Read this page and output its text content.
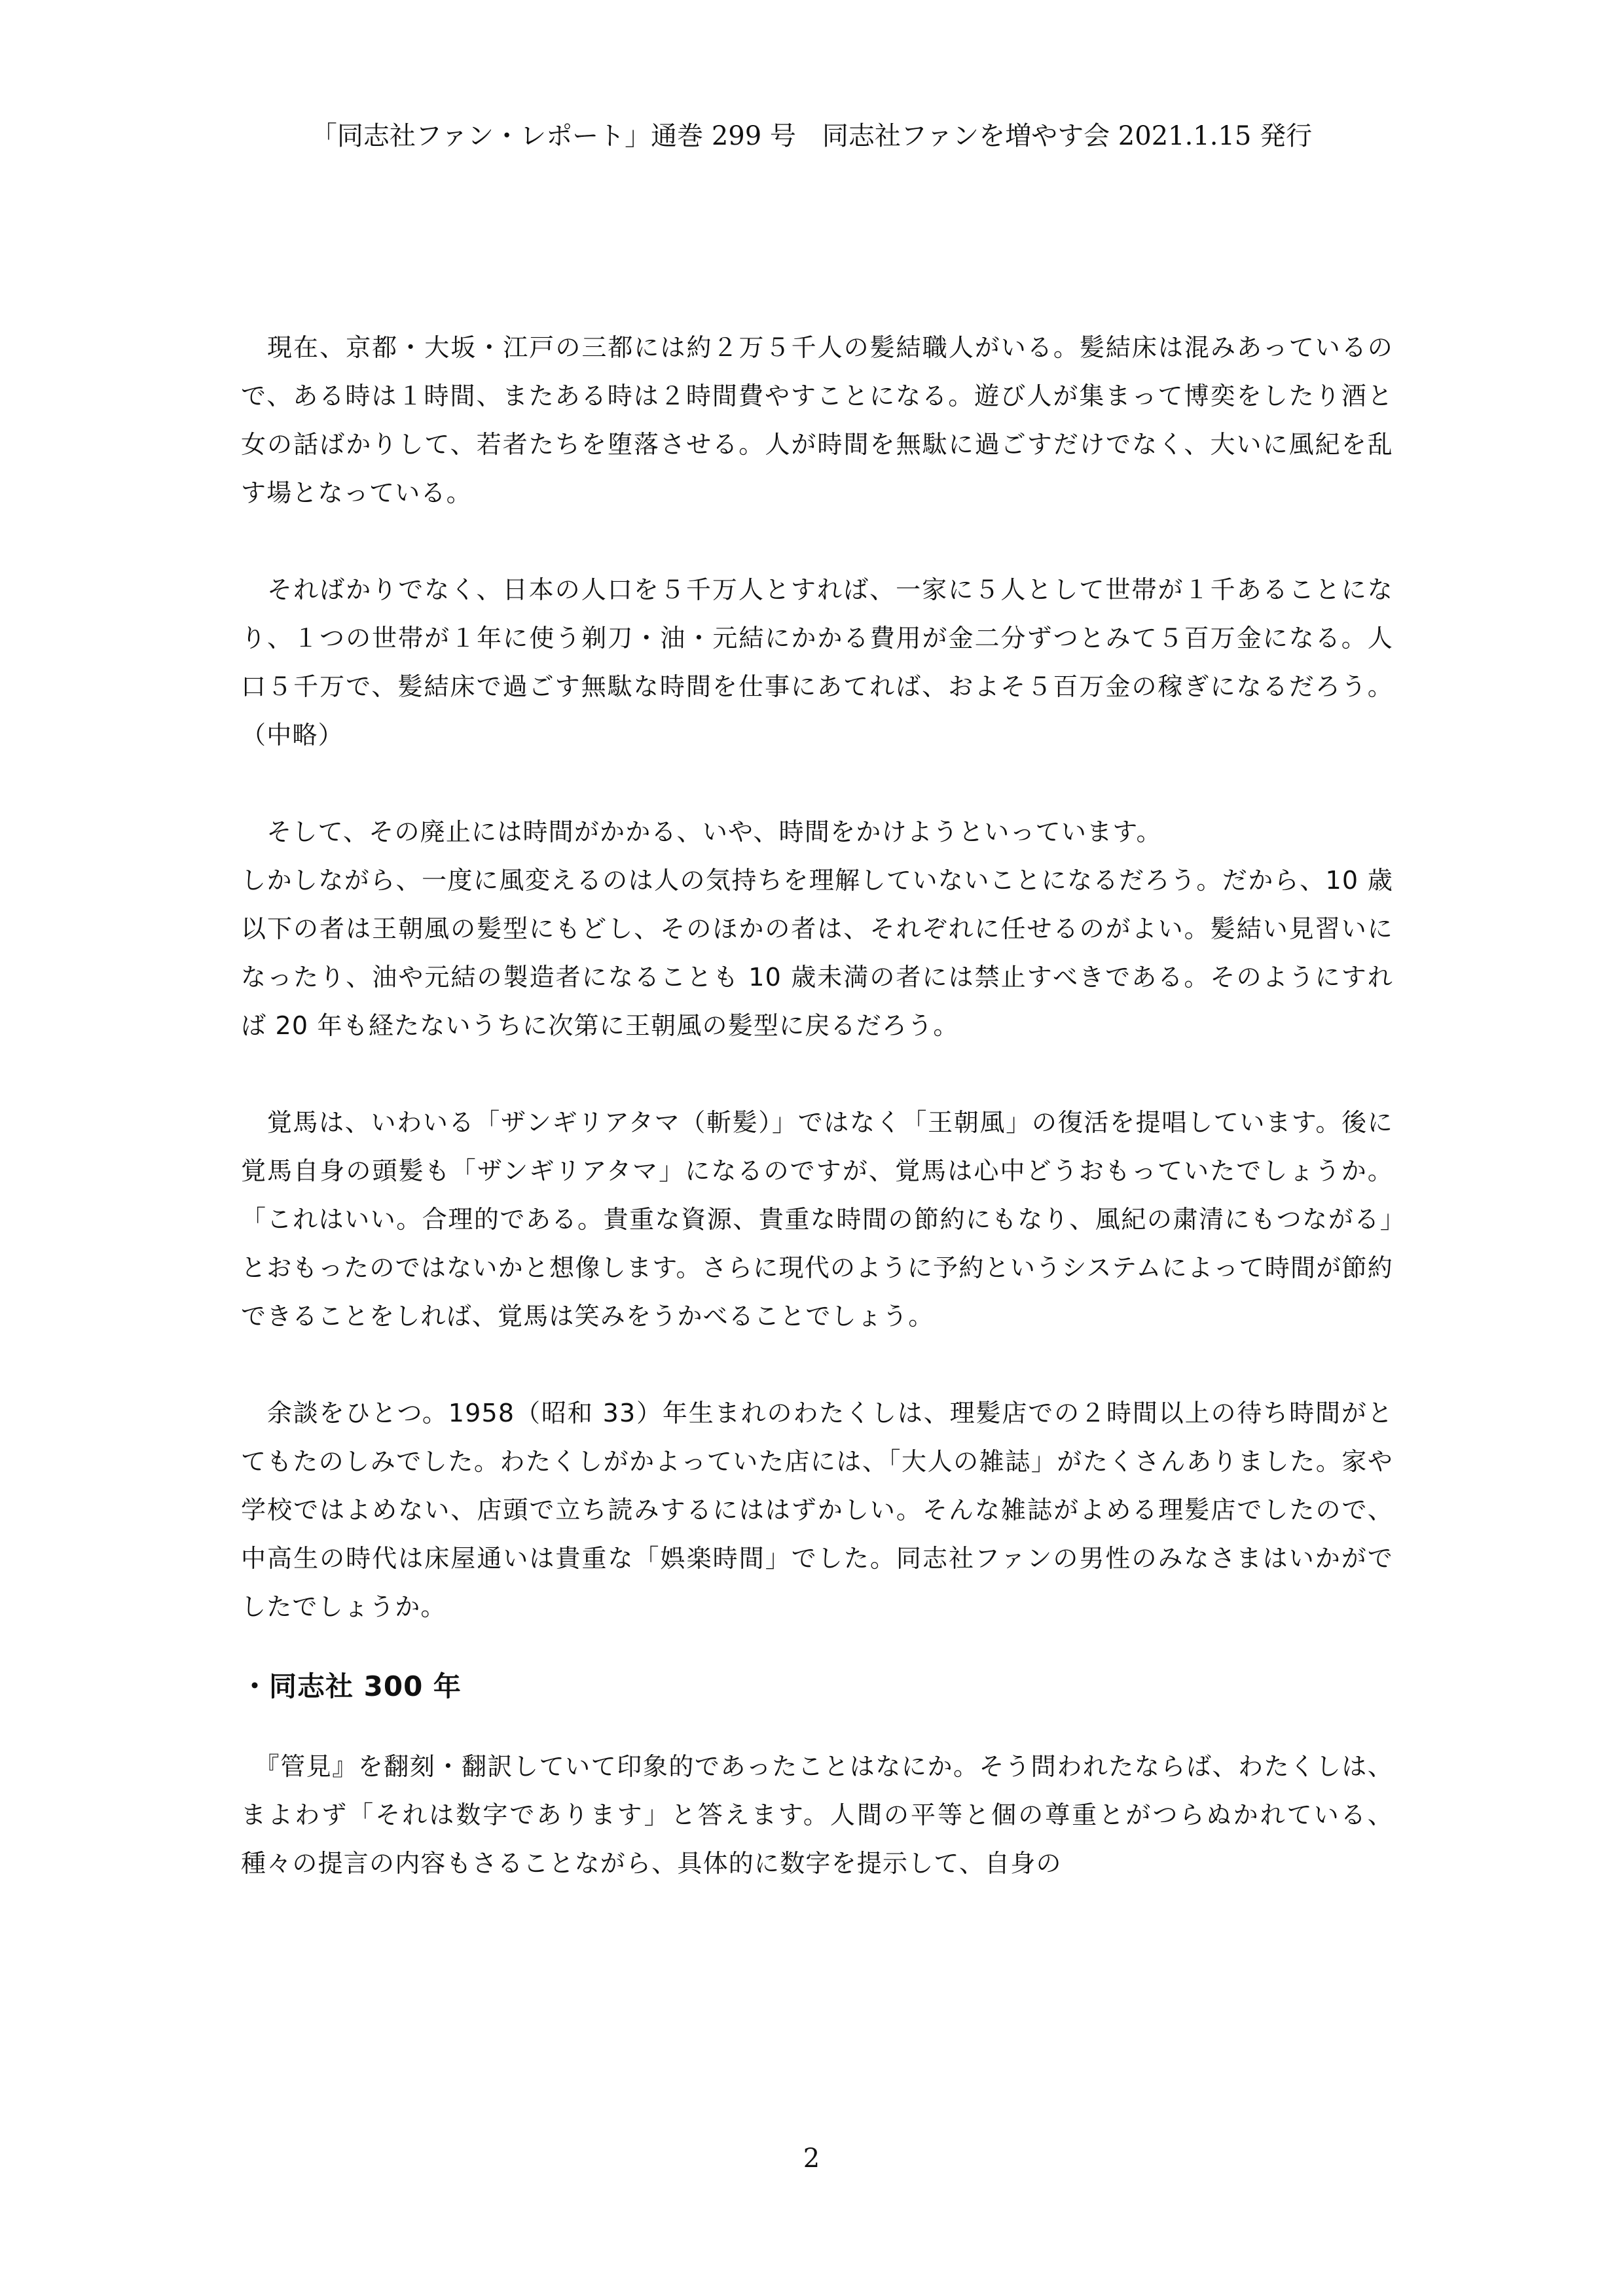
「同志社ファン・レポート」通巻 299 号　同志社ファンを増やす会 2021.1.15 発行

　現在、京都・大坂・江戸の三都には約２万５千人の髪結職人がいる。髪結床は混みあっているので、ある時は１時間、またある時は２時間費やすことになる。遊び人が集まって博奕をしたり酒と女の話ばかりして、若者たちを堕落させる。人が時間を無駄に過ごすだけでなく、大いに風紀を乱す場となっている。

　そればかりでなく、日本の人口を５千万人とすれば、一家に５人として世帯が１千あることになり、１つの世帯が１年に使う剃刀・油・元結にかかる費用が金二分ずつとみて５百万金になる。人口５千万で、髪結床で過ごす無駄な時間を仕事にあてれば、およそ５百万金の稼ぎになるだろう。（中略）

　そして、その廃止には時間がかかる、いや、時間をかけようといっています。

しかしながら、一度に風変えるのは人の気持ちを理解していないことになるだろう。だから、10 歳以下の者は王朝風の髪型にもどし、そのほかの者は、それぞれに任せるのがよい。髪結い見習いになったり、油や元結の製造者になることも 10 歳未満の者には禁止すべきである。そのようにすれば 20 年も経たないうちに次第に王朝風の髪型に戻るだろう。

　覚馬は、いわいる「ザンギリアタマ（斬髪）」ではなく「王朝風」の復活を提唱しています。後に覚馬自身の頭髪も「ザンギリアタマ」になるのですが、覚馬は心中どうおもっていたでしょうか。「これはいい。合理的である。貴重な資源、貴重な時間の節約にもなり、風紀の粛清にもつながる」とおもったのではないかと想像します。さらに現代のように予約というシステムによって時間が節約できることをしれば、覚馬は笑みをうかべることでしょう。

　余談をひとつ。1958（昭和 33）年生まれのわたくしは、理髪店での２時間以上の待ち時間がとてもたのしみでした。わたくしがかよっていた店には、「大人の雑誌」がたくさんありました。家や学校ではよめない、店頭で立ち読みするにははずかしい。そんな雑誌がよめる理髪店でしたので、中高生の時代は床屋通いは貴重な「娯楽時間」でした。同志社ファンの男性のみなさまはいかがでしたでしょうか。

・同志社 300 年

　『管見』を翻刻・翻訳していて印象的であったことはなにか。そう問われたならば、わたくしは、まよわず「それは数字であります」と答えます。人間の平等と個の尊重とがつらぬかれている、種々の提言の内容もさることながら、具体的に数字を提示して、自身の

2
